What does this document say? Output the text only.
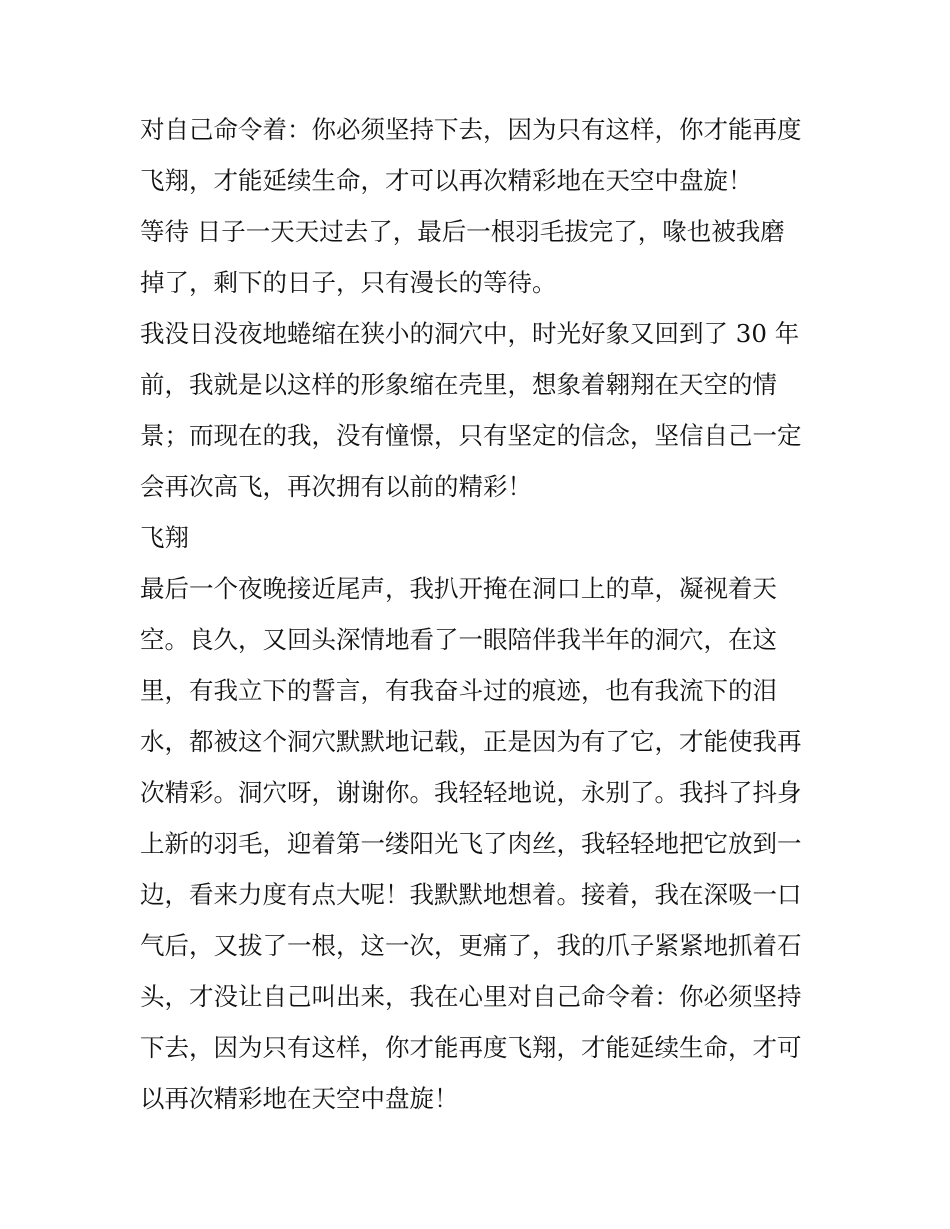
对自己命令着：你必须坚持下去，因为只有这样，你才能再度
飞翔，才能延续生命，才可以再次精彩地在天空中盘旋！
等待 日子一天天过去了，最后一根羽毛拔完了，喙也被我磨
掉了，剩下的日子，只有漫长的等待。
我没日没夜地蜷缩在狭小的洞穴中，时光好象又回到了 30 年
前，我就是以这样的形象缩在壳里，想象着翱翔在天空的情
景；而现在的我，没有憧憬，只有坚定的信念，坚信自己一定
会再次高飞，再次拥有以前的精彩！
飞翔
最后一个夜晚接近尾声，我扒开掩在洞口上的草，凝视着天
空。良久，又回头深情地看了一眼陪伴我半年的洞穴，在这
里，有我立下的誓言，有我奋斗过的痕迹，也有我流下的泪
水，都被这个洞穴默默地记载，正是因为有了它，才能使我再
次精彩。洞穴呀，谢谢你。我轻轻地说，永别了。我抖了抖身
上新的羽毛，迎着第一缕阳光飞了肉丝，我轻轻地把它放到一
边，看来力度有点大呢！我默默地想着。接着，我在深吸一口
气后，又拔了一根，这一次，更痛了，我的爪子紧紧地抓着石
头，才没让自己叫出来，我在心里对自己命令着：你必须坚持
下去，因为只有这样，你才能再度飞翔，才能延续生命，才可
以再次精彩地在天空中盘旋！
